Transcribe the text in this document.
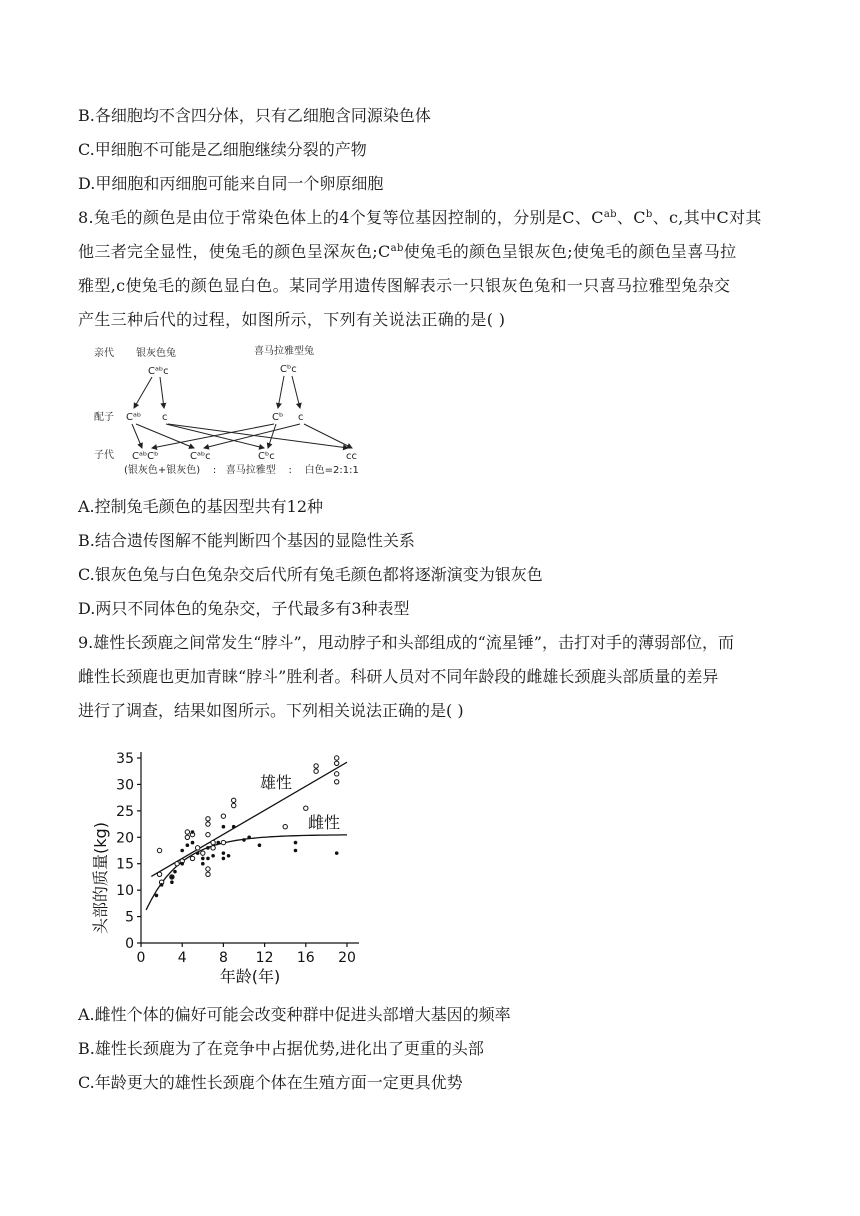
B.各细胞均不含四分体，只有乙细胞含同源染色体
C.甲细胞不可能是乙细胞继续分裂的产物
D.甲细胞和丙细胞可能来自同一个卵原细胞
8.兔毛的颜色是由位于常染色体上的4个复等位基因控制的，分别是C、$C^{ab}$、$C^b$、c,其中C对其
他三者完全显性，使兔毛的颜色呈深灰色$;C^{ab}$使兔毛的颜色呈银灰色;使兔毛的颜色呈喜马拉
雅型,c使兔毛的颜色显白色。某同学用遗传图解表示一只银灰色兔和一只喜马拉雅型兔杂交
产生三种后代的过程，如图所示，下列有关说法正确的是( )
亲代
配子
子代
银灰色兔	喜马拉雅型兔
Cᵃᵇc	Cᵇc
Cᵃᵇ c	Cᵇ c
CᵃᵇCᵇ	Cᵃᵇc	Cᵇc	cc
(银灰色+银灰色)    :   喜马拉雅型    :    白色=2:1:1
A.控制兔毛颜色的基因型共有12种
B.结合遗传图解不能判断四个基因的显隐性关系
C.银灰色兔与白色兔杂交后代所有兔毛颜色都将逐渐演变为银灰色
D.两只不同体色的兔杂交，子代最多有3种表型
9.雄性长颈鹿之间常发生“脖斗”，甩动脖子和头部组成的“流星锤”，击打对手的薄弱部位，而
雌性长颈鹿也更加青睐“脖斗”胜利者。科研人员对不同年龄段的雌雄长颈鹿头部质量的差异
进行了调查，结果如图所示。下列相关说法正确的是( )
0
5
10
15
20
25
30
35
0 4 8 12 16 20
年龄(年)
头部的质量(kg)
雄性
雌性
A.雌性个体的偏好可能会改变种群中促进头部增大基因的频率
B.雄性长颈鹿为了在竞争中占据优势,进化出了更重的头部
C.年龄更大的雄性长颈鹿个体在生殖方面一定更具优势
